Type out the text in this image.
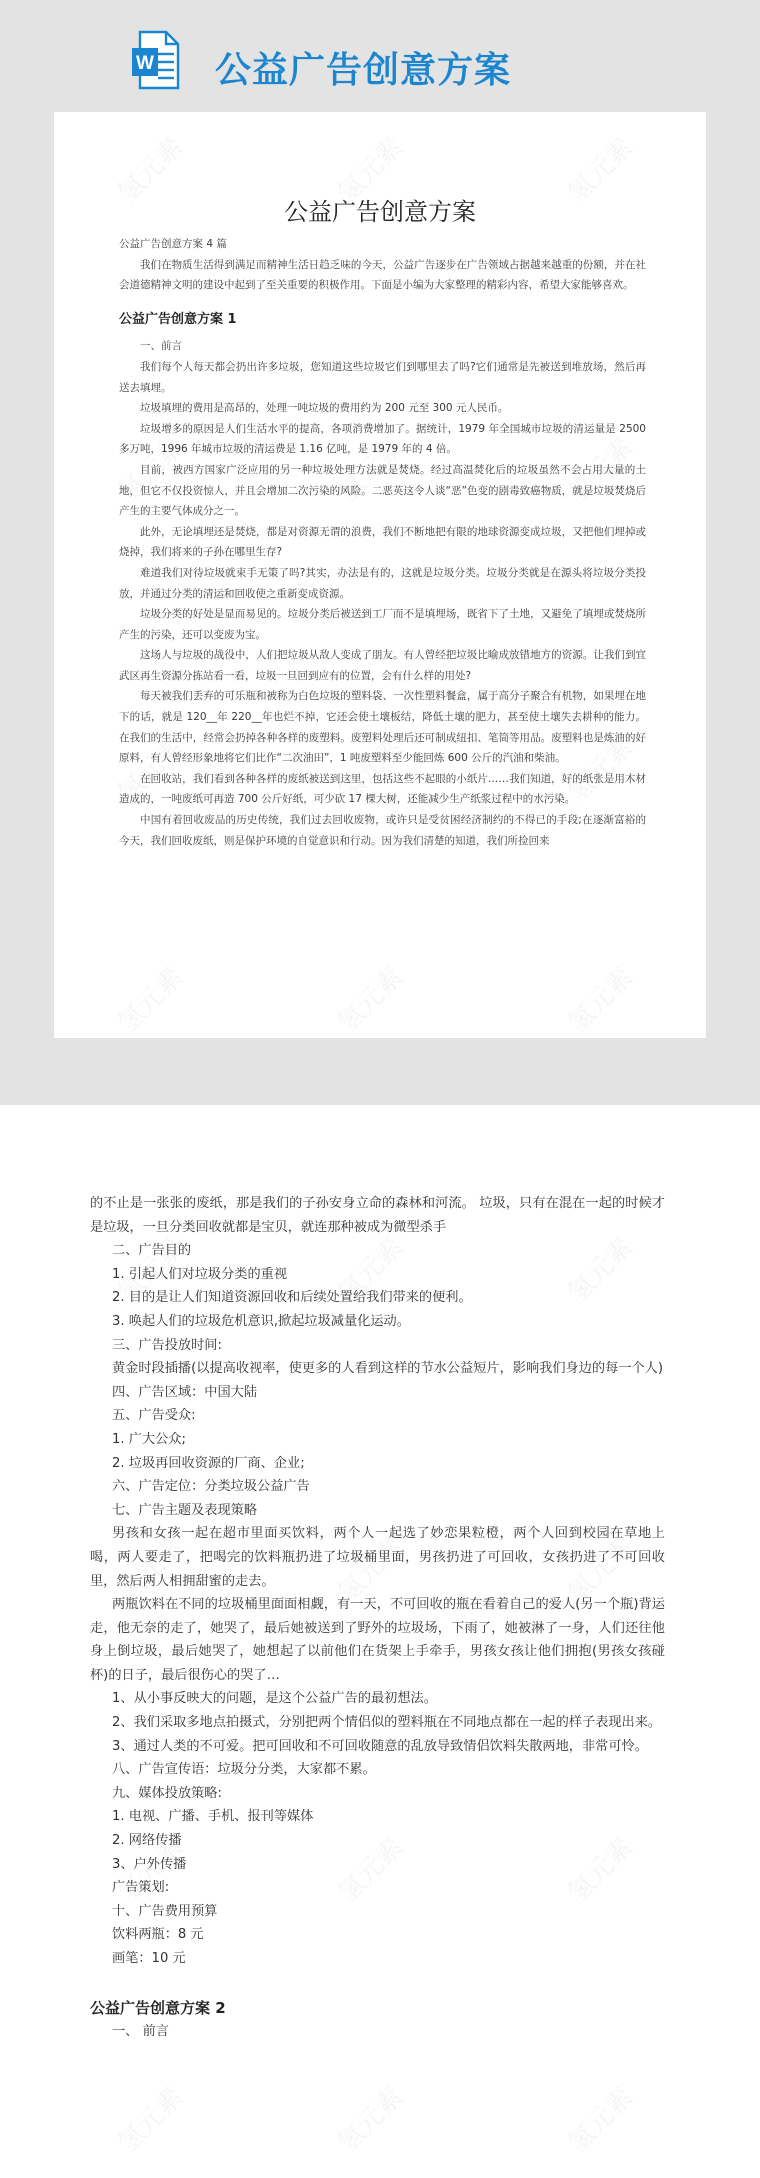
W 公益广告创意方案
公益广告创意方案

公益广告创意方案 4 篇

我们在物质生活得到满足而精神生活日趋乏味的今天，公益广告逐步在广告领域占据越来越重的份额，并在社会道德精神文明的建设中起到了至关重要的积极作用。下面是小编为大家整理的精彩内容，希望大家能够喜欢。

公益广告创意方案 1

一、前言

我们每个人每天都会扔出许多垃圾，您知道这些垃圾它们到哪里去了吗?它们通常是先被送到堆放场，然后再送去填埋。

垃圾填埋的费用是高昂的，处理一吨垃圾的费用约为 200 元至 300 元人民币。

垃圾增多的原因是人们生活水平的提高，各项消费增加了。据统计，1979 年全国城市垃圾的清运量是 2500 多万吨，1996 年城市垃圾的清运费是 1.16 亿吨，是 1979 年的 4 倍。

目前，被西方国家广泛应用的另一种垃圾处理方法就是焚烧。经过高温焚化后的垃圾虽然不会占用大量的土地，但它不仅投资惊人，并且会增加二次污染的风险。二恶英这令人谈“恶”色变的剧毒致癌物质，就是垃圾焚烧后产生的主要气体成分之一。

此外，无论填埋还是焚烧，都是对资源无谓的浪费，我们不断地把有限的地球资源变成垃圾，又把他们埋掉或烧掉，我们将来的子孙在哪里生存?

难道我们对待垃圾就束手无策了吗?其实，办法是有的，这就是垃圾分类。垃圾分类就是在源头将垃圾分类投放，并通过分类的清运和回收使之重新变成资源。

垃圾分类的好处是显而易见的。垃圾分类后被送到工厂而不是填埋场，既省下了土地，又避免了填埋或焚烧所产生的污染，还可以变废为宝。

这场人与垃圾的战役中，人们把垃圾从敌人变成了朋友。有人曾经把垃圾比喻成放错地方的资源。让我们到宜武区再生资源分拣站看一看，垃圾一旦回到应有的位置，会有什么样的用处?

每天被我们丢弃的可乐瓶和被称为白色垃圾的塑料袋、一次性塑料餐盒，属于高分子聚合有机物，如果埋在地下的话，就是 120__年 220__年也烂不掉，它还会使土壤板结，降低土壤的肥力，甚至使土壤失去耕种的能力。在我们的生活中，经常会扔掉各种各样的废塑料。废塑料处理后还可制成纽扣、笔筒等用品。废塑料也是炼油的好原料，有人曾经形象地将它们比作“二次油田”，1 吨废塑料至少能回炼 600 公斤的汽油和柴油。

在回收站，我们看到各种各样的废纸被送到这里，包括这些不起眼的小纸片……我们知道，好的纸张是用木材造成的，一吨废纸可再造 700 公斤好纸，可少砍 17 棵大树，还能减少生产纸浆过程中的水污染。

中国有着回收废品的历史传统，我们过去回收废物，或许只是受贫困经济制约的不得已的手段;在逐渐富裕的今天，我们回收废纸，则是保护环境的自觉意识和行动。因为我们清楚的知道，我们所捡回来

的不止是一张张的废纸，那是我们的子孙安身立命的森林和河流。 垃圾，只有在混在一起的时候才是垃圾，一旦分类回收就都是宝贝，就连那种被成为微型杀手

二、广告目的

1. 引起人们对垃圾分类的重视

2. 目的是让人们知道资源回收和后续处置给我们带来的便利。

3. 唤起人们的垃圾危机意识,掀起垃圾减量化运动。

三、广告投放时间:

黄金时段插播(以提高收视率，使更多的人看到这样的节水公益短片，影响我们身边的每一个人)

四、广告区域：中国大陆

五、广告受众:

1. 广大公众;

2. 垃圾再回收资源的厂商、企业;

六、广告定位：分类垃圾公益广告

七、广告主题及表现策略

男孩和女孩一起在超市里面买饮料，两个人一起选了妙恋果粒橙，两个人回到校园在草地上喝，两人要走了，把喝完的饮料瓶扔进了垃圾桶里面，男孩扔进了可回收，女孩扔进了不可回收里，然后两人相拥甜蜜的走去。

两瓶饮料在不同的垃圾桶里面面相觑，有一天，不可回收的瓶在看着自己的爱人(另一个瓶)背运走，他无奈的走了，她哭了，最后她被送到了野外的垃圾场，下雨了，她被淋了一身，人们还往他身上倒垃圾，最后她哭了，她想起了以前他们在货架上手牵手，男孩女孩让他们拥抱(男孩女孩碰杯)的日子，最后很伤心的哭了…

1、从小事反映大的问题，是这个公益广告的最初想法。

2、我们采取多地点拍摄式，分别把两个情侣似的塑料瓶在不同地点都在一起的样子表现出来。

3、通过人类的不可爱。把可回收和不可回收随意的乱放导致情侣饮料失散两地，非常可怜。

八、广告宣传语：垃圾分分类，大家都不累。

九、媒体投放策略:

1. 电视、广播、手机、报刊等媒体

2. 网络传播

3、户外传播

广告策划:

十、广告费用预算

饮料两瓶：8 元

画笔：10 元

公益广告创意方案 2

一、 前言
